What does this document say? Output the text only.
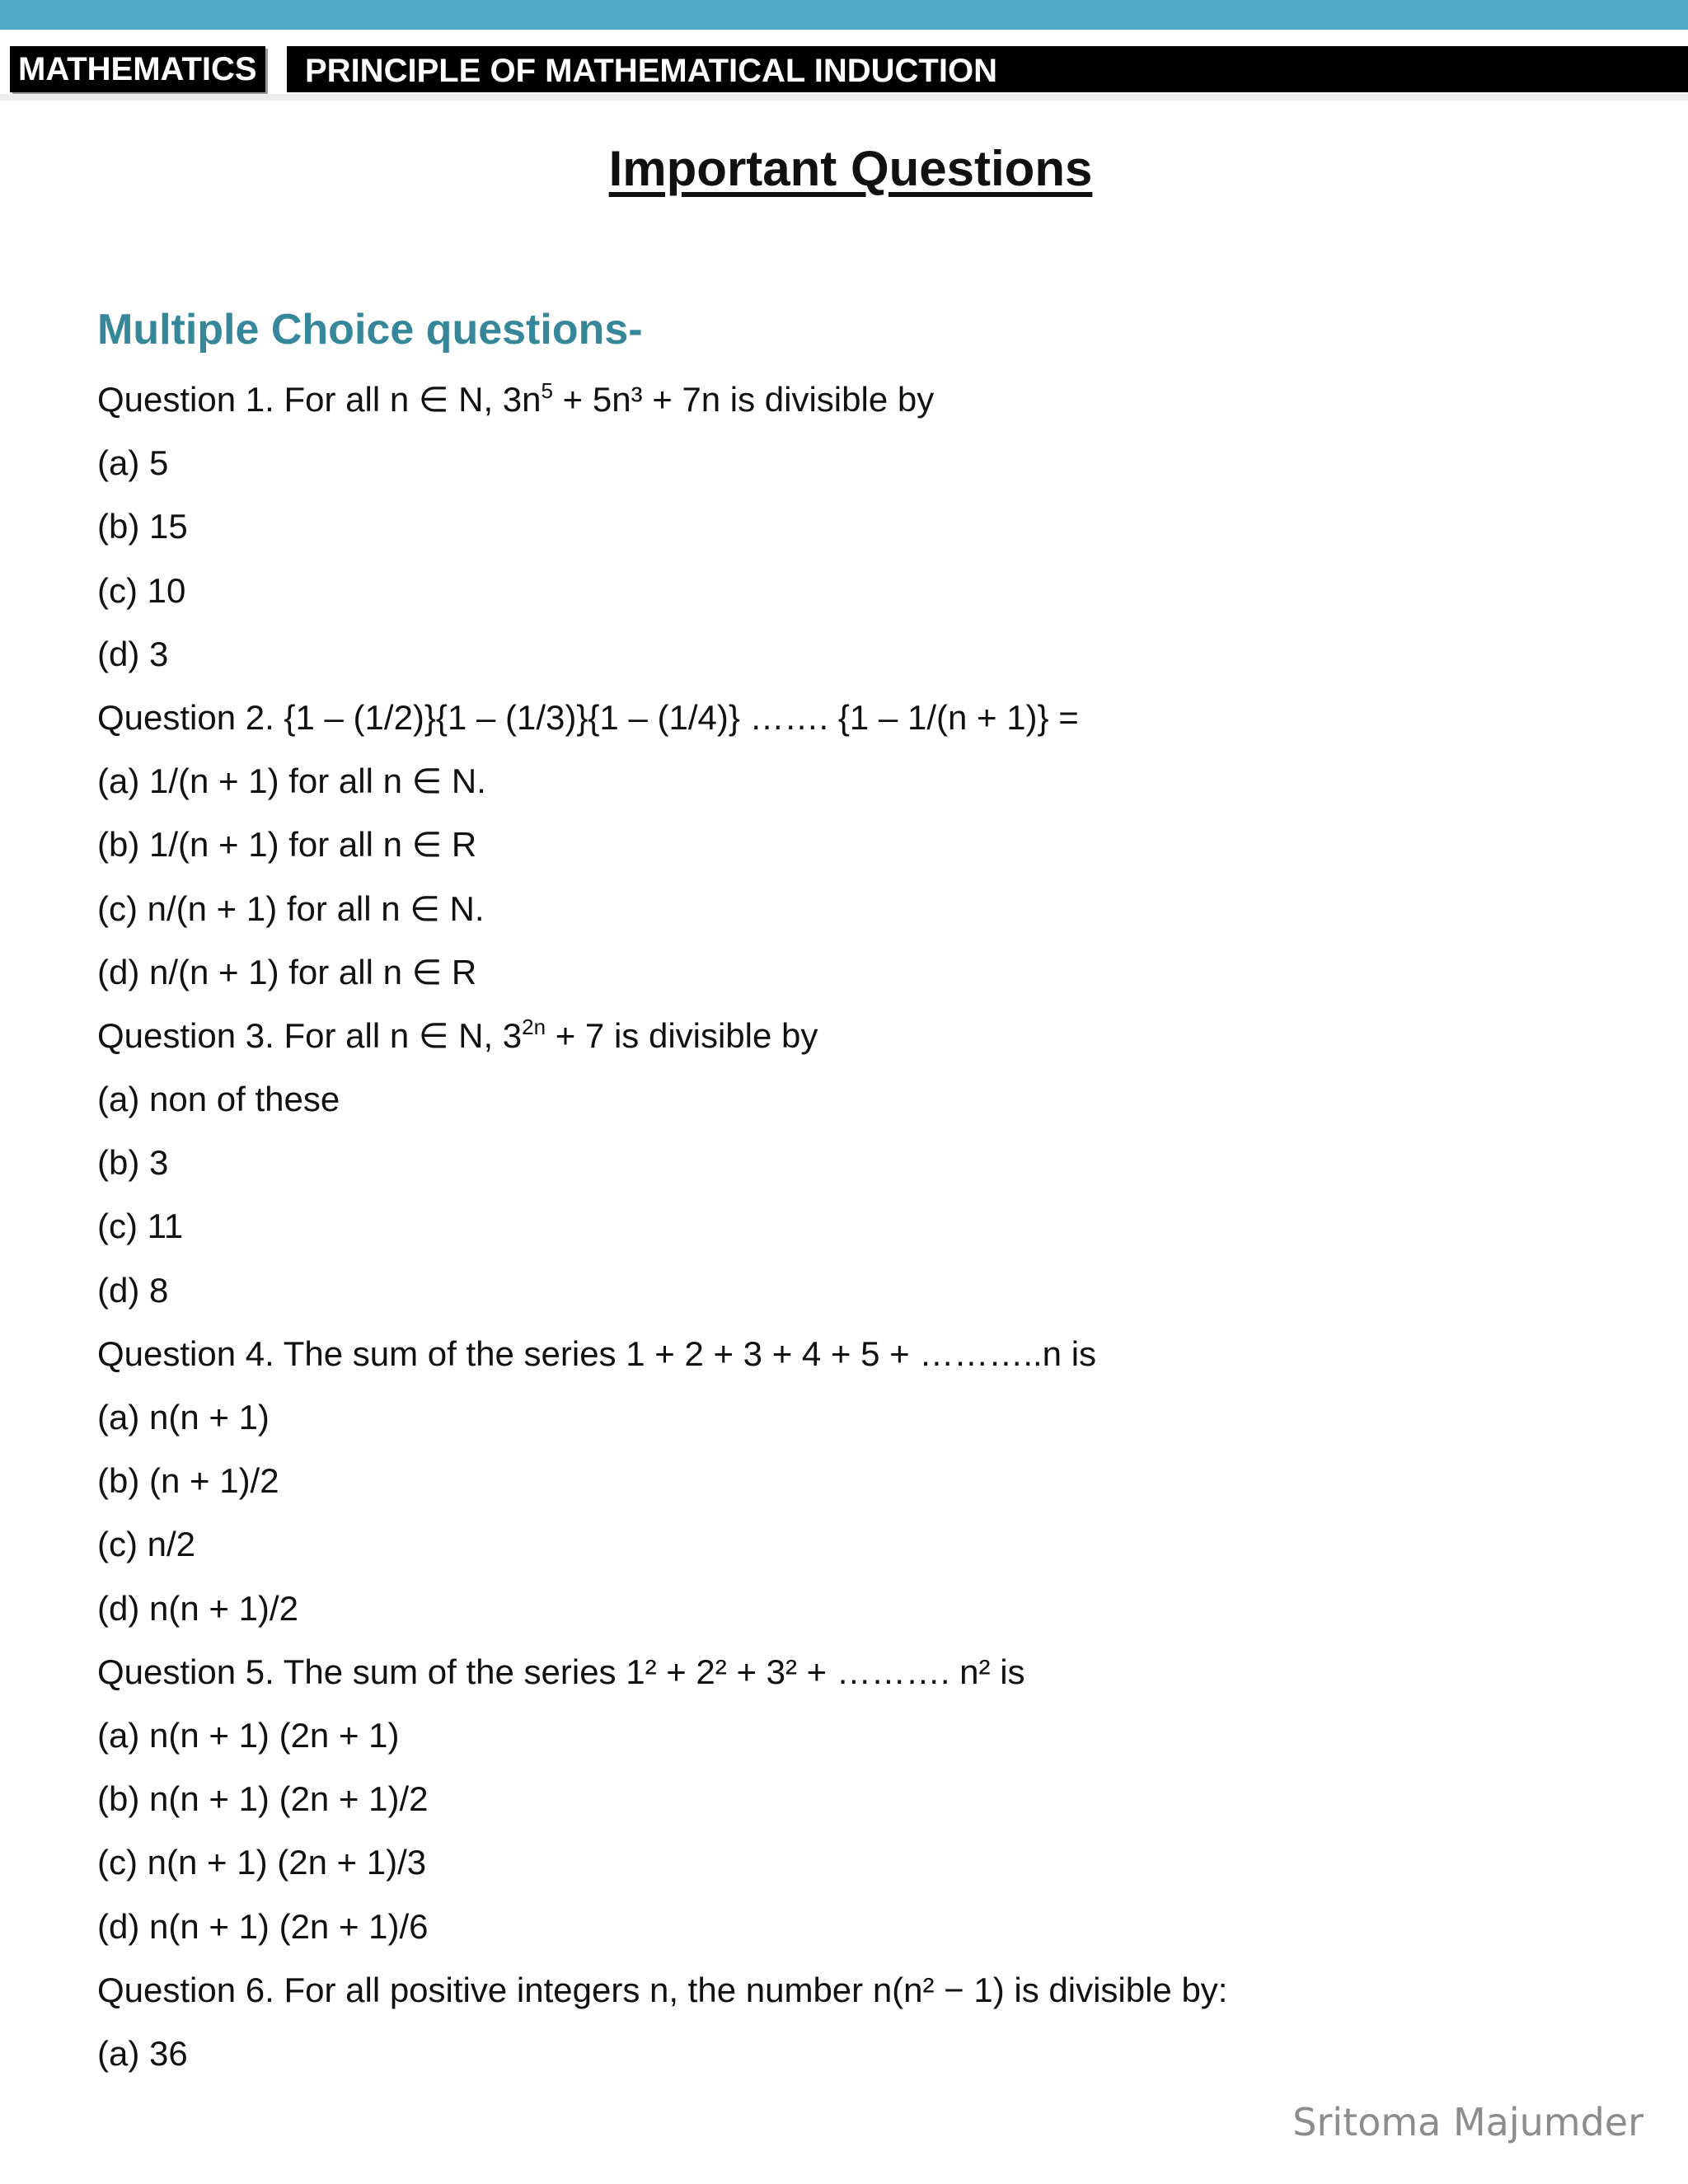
MATHEMATICS	PRINCIPLE OF MATHEMATICAL INDUCTION
Important Questions
Multiple Choice questions-
Question 1. For all n ∈ N, $3n^5 + 5n^3 + 7n$ is divisible by
(a) 5
(b) 15
(c) 10
(d) 3
Question 2. {1 – (1/2)}{1 – (1/3)}{1 – (1/4)} ……. {1 – 1/(n + 1)} =
(a) 1/(n + 1) for all n ∈ N.
(b) 1/(n + 1) for all n ∈ R
(c) n/(n + 1) for all n ∈ N.
(d) n/(n + 1) for all n ∈ R
Question 3. For all n ∈ N, $3^{2n} + 7$ is divisible by
(a) non of these
(b) 3
(c) 11
(d) 8
Question 4. The sum of the series 1 + 2 + 3 + 4 + 5 + ………..n is
(a) n(n + 1)
(b) (n + 1)/2
(c) n/2
(d) n(n + 1)/2
Question 5. The sum of the series 1² + 2² + 3² + ………. n² is
(a) n(n + 1) (2n + 1)
(b) n(n + 1) (2n + 1)/2
(c) n(n + 1) (2n + 1)/3
(d) n(n + 1) (2n + 1)/6
Question 6. For all positive integers n, the number n(n² − 1) is divisible by:
(a) 36
Sritoma Majumder
